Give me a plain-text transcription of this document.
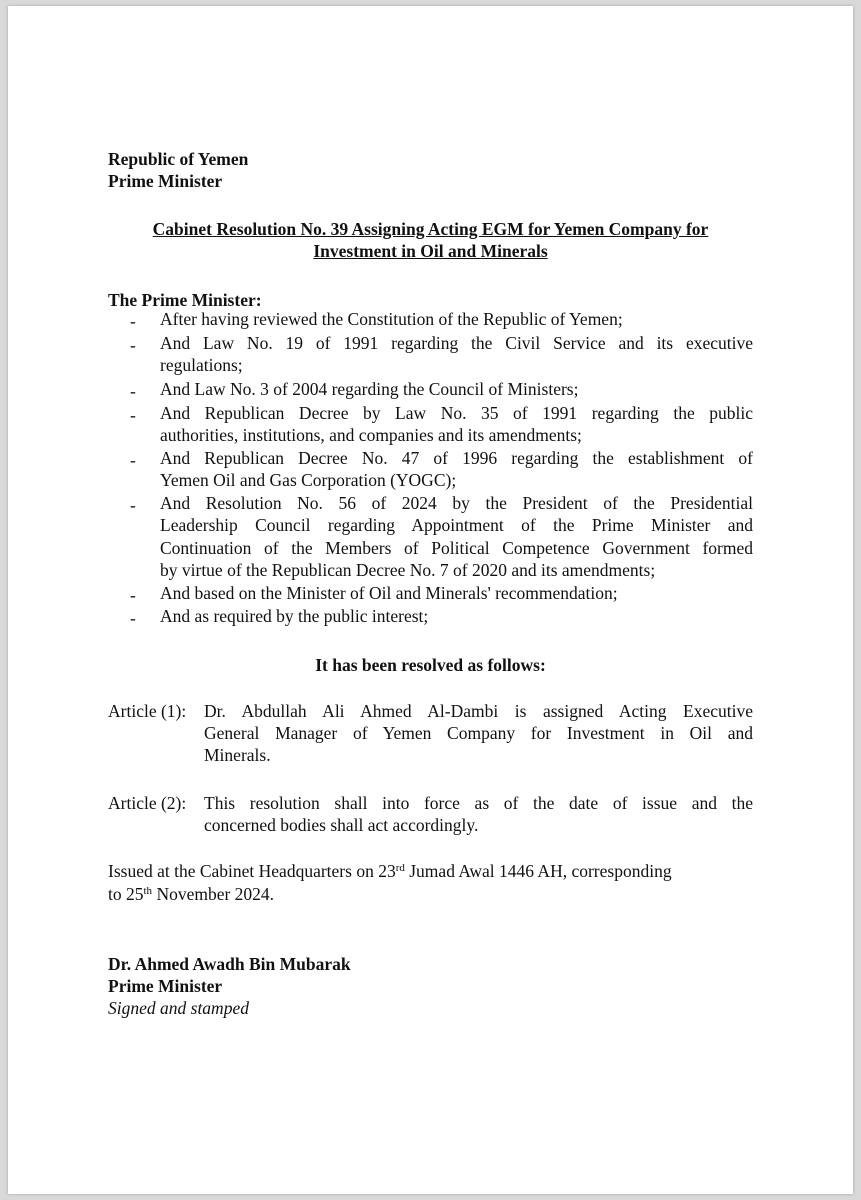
Republic of Yemen
Prime Minister
Cabinet Resolution No. 39 Assigning Acting EGM for Yemen Company for
Investment in Oil and Minerals
The Prime Minister:
- After having reviewed the Constitution of the Republic of Yemen;
- And Law No. 19 of 1991 regarding the Civil Service and its executive
regulations;
- And Law No. 3 of 2004 regarding the Council of Ministers;
- And Republican Decree by Law No. 35 of 1991 regarding the public
authorities, institutions, and companies and its amendments;
- And Republican Decree No. 47 of 1996 regarding the establishment of
Yemen Oil and Gas Corporation (YOGC);
- And Resolution No. 56 of 2024 by the President of the Presidential
Leadership Council regarding Appointment of the Prime Minister and
Continuation of the Members of Political Competence Government formed
by virtue of the Republican Decree No. 7 of 2020 and its amendments;
- And based on the Minister of Oil and Minerals' recommendation;
- And as required by the public interest;
It has been resolved as follows:
Article (1): Dr. Abdullah Ali Ahmed Al-Dambi is assigned Acting Executive
General Manager of Yemen Company for Investment in Oil and
Minerals.
Article (2): This resolution shall into force as of the date of issue and the
concerned bodies shall act accordingly.
Issued at the Cabinet Headquarters on 23rd Jumad Awal 1446 AH, corresponding
to 25th November 2024.
Dr. Ahmed Awadh Bin Mubarak
Prime Minister
Signed and stamped
